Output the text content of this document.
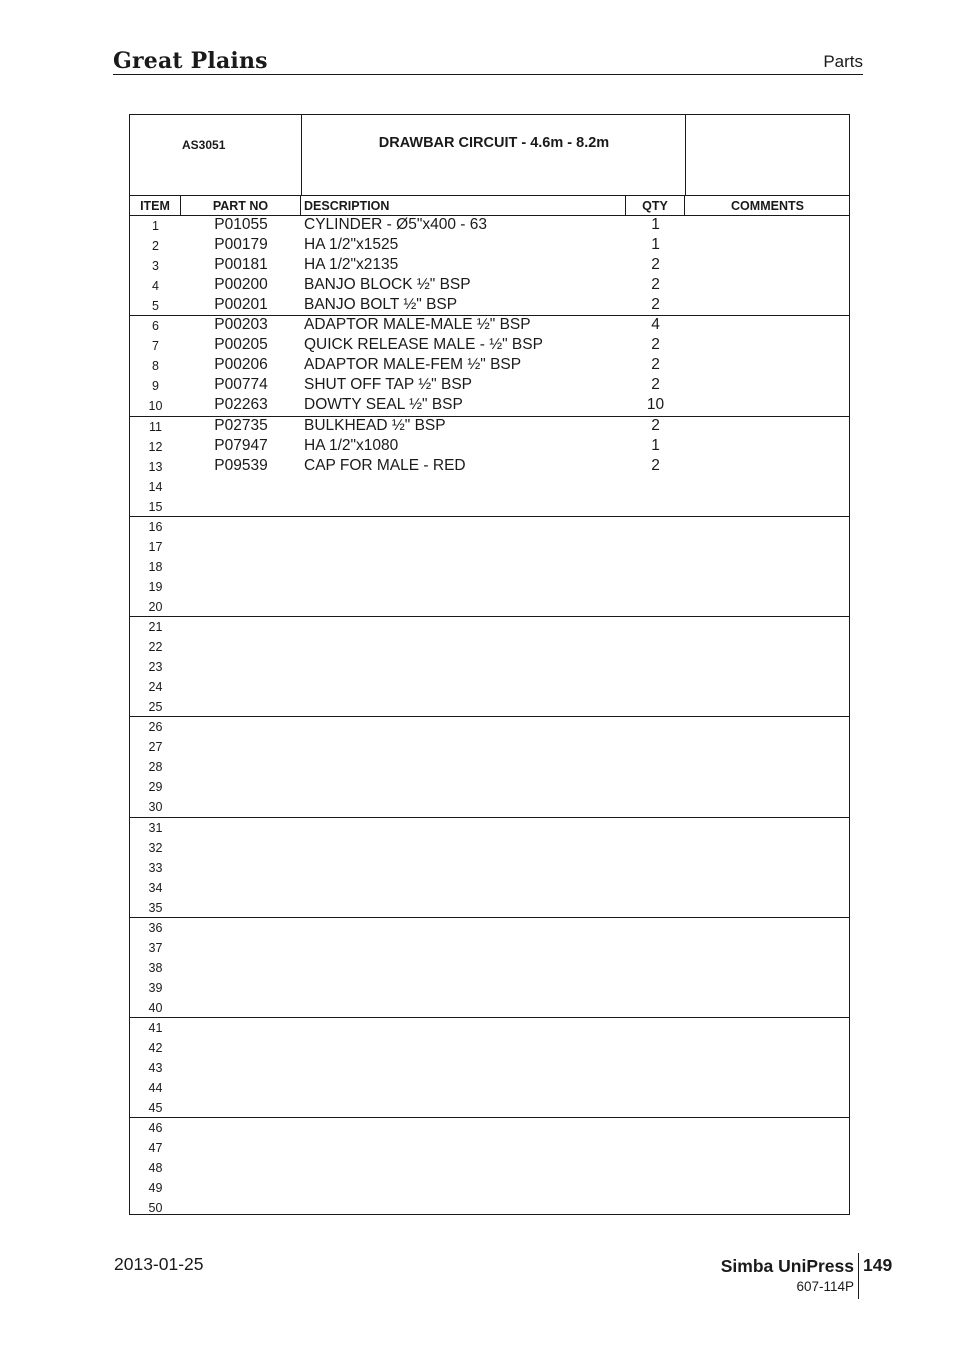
Great Plains	Parts
AS3051	DRAWBAR CIRCUIT - 4.6m - 8.2m
ITEM	PART NO	DESCRIPTION	QTY	COMMENTS
1	P01055	CYLINDER - Ø5"x400 - 63	1
2	P00179	HA 1/2"x1525	1
3	P00181	HA 1/2"x2135	2
4	P00200	BANJO BLOCK ½" BSP	2
5	P00201	BANJO BOLT ½" BSP	2
6	P00203	ADAPTOR MALE-MALE ½" BSP	4
7	P00205	QUICK RELEASE MALE - ½" BSP	2
8	P00206	ADAPTOR MALE-FEM ½" BSP	2
9	P00774	SHUT OFF TAP ½" BSP	2
10	P02263	DOWTY SEAL ½" BSP	10
11	P02735	BULKHEAD ½" BSP	2
12	P07947	HA 1/2"x1080	1
13	P09539	CAP FOR MALE - RED	2
14
15
16
17
18
19
20
21
22
23
24
25
26
27
28
29
30
31
32
33
34
35
36
37
38
39
40
41
42
43
44
45
46
47
48
49
50
2013-01-25	Simba UniPress 149
607-114P
